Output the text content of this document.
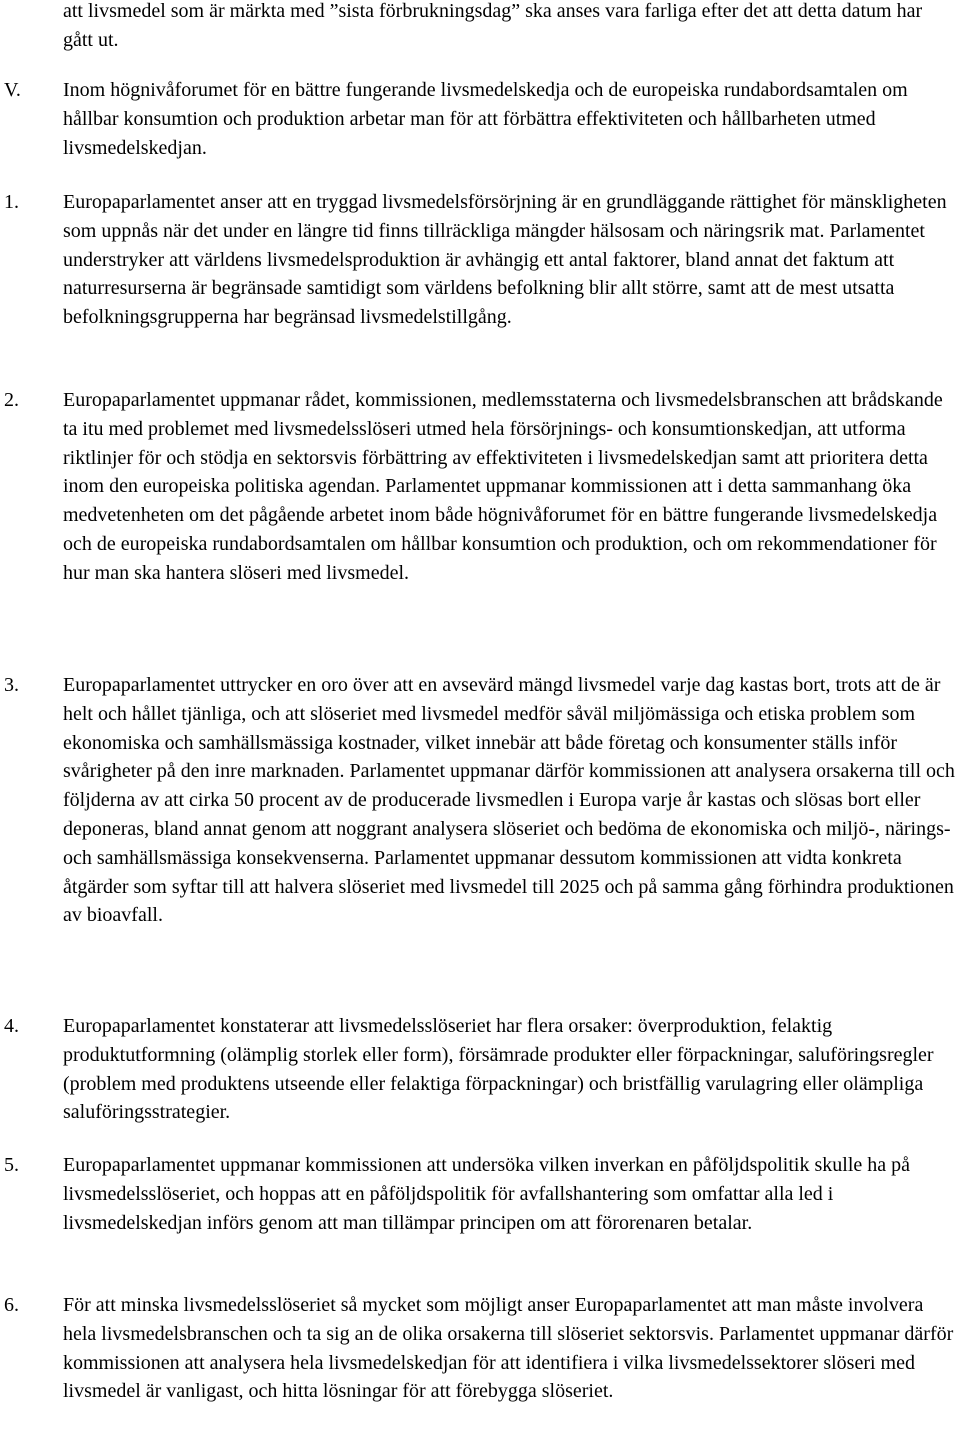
att livsmedel som är märkta med ”sista förbrukningsdag” ska anses vara farliga efter det att detta datum har gått ut.

V. Inom högnivåforumet för en bättre fungerande livsmedelskedja och de europeiska rundabordsamtalen om hållbar konsumtion och produktion arbetar man för att förbättra effektiviteten och hållbarheten utmed livsmedelskedjan.

1. Europaparlamentet anser att en tryggad livsmedelsförsörjning är en grundläggande rättighet för mänskligheten som uppnås när det under en längre tid finns tillräckliga mängder hälsosam och näringsrik mat. Parlamentet understryker att världens livsmedelsproduktion är avhängig ett antal faktorer, bland annat det faktum att naturresurserna är begränsade samtidigt som världens befolkning blir allt större, samt att de mest utsatta befolkningsgrupperna har begränsad livsmedelstillgång.

2. Europaparlamentet uppmanar rådet, kommissionen, medlemsstaterna och livsmedelsbranschen att brådskande ta itu med problemet med livsmedelsslöseri utmed hela försörjnings- och konsumtionskedjan, att utforma riktlinjer för och stödja en sektorsvis förbättring av effektiviteten i livsmedelskedjan samt att prioritera detta inom den europeiska politiska agendan. Parlamentet uppmanar kommissionen att i detta sammanhang öka medvetenheten om det pågående arbetet inom både högnivåforumet för en bättre fungerande livsmedelskedja och de europeiska rundabordsamtalen om hållbar konsumtion och produktion, och om rekommendationer för hur man ska hantera slöseri med livsmedel.

3. Europaparlamentet uttrycker en oro över att en avsevärd mängd livsmedel varje dag kastas bort, trots att de är helt och hållet tjänliga, och att slöseriet med livsmedel medför såväl miljömässiga och etiska problem som ekonomiska och samhällsmässiga kostnader, vilket innebär att både företag och konsumenter ställs inför svårigheter på den inre marknaden. Parlamentet uppmanar därför kommissionen att analysera orsakerna till och följderna av att cirka 50 procent av de producerade livsmedlen i Europa varje år kastas och slösas bort eller deponeras, bland annat genom att noggrant analysera slöseriet och bedöma de ekonomiska och miljö-, närings- och samhällsmässiga konsekvenserna. Parlamentet uppmanar dessutom kommissionen att vidta konkreta åtgärder som syftar till att halvera slöseriet med livsmedel till 2025 och på samma gång förhindra produktionen av bioavfall.

4. Europaparlamentet konstaterar att livsmedelsslöseriet har flera orsaker: överproduktion, felaktig produktutformning (olämplig storlek eller form), försämrade produkter eller förpackningar, saluföringsregler (problem med produktens utseende eller felaktiga förpackningar) och bristfällig varulagring eller olämpliga saluföringsstrategier.

5. Europaparlamentet uppmanar kommissionen att undersöka vilken inverkan en påföljdspolitik skulle ha på livsmedelsslöseriet, och hoppas att en påföljdspolitik för avfallshantering som omfattar alla led i livsmedelskedjan införs genom att man tillämpar principen om att förorenaren betalar.

6. För att minska livsmedelsslöseriet så mycket som möjligt anser Europaparlamentet att man måste involvera hela livsmedelsbranschen och ta sig an de olika orsakerna till slöseriet sektorsvis. Parlamentet uppmanar därför kommissionen att analysera hela livsmedelskedjan för att identifiera i vilka livsmedelssektorer slöseri med livsmedel är vanligast, och hitta lösningar för att förebygga slöseriet.
